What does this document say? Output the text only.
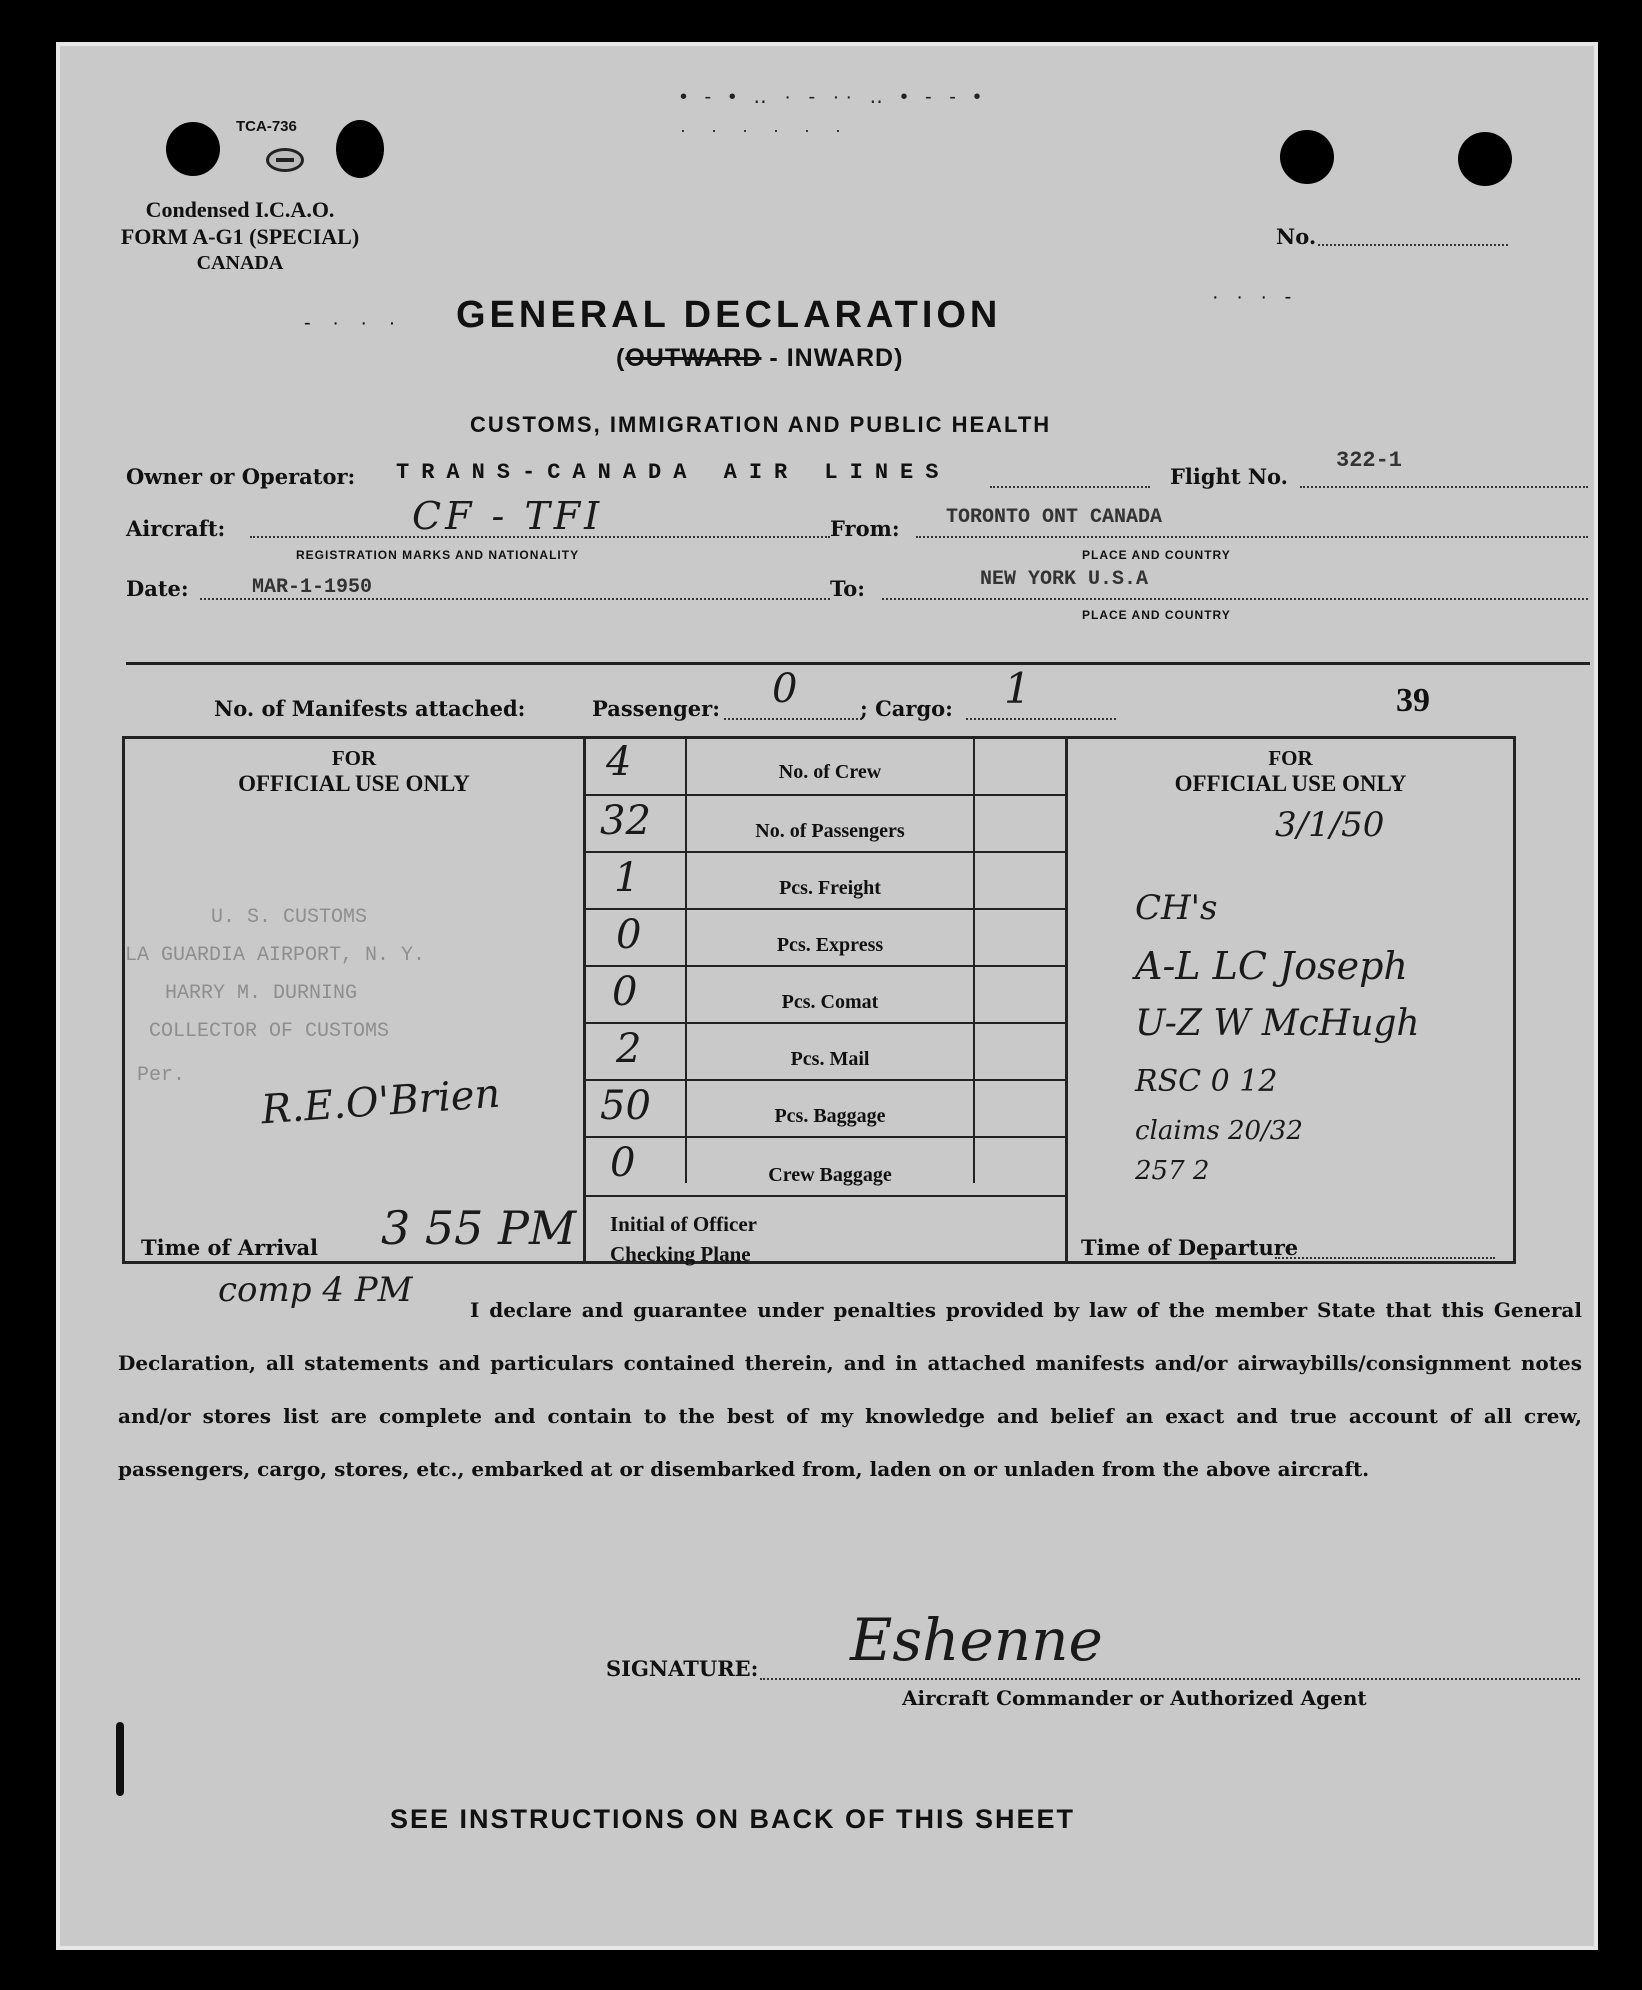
• ‑ • ‥ · ‑ ·· ‥ • ‑ ‑ •
· · · · · ·
TCA-736
Condensed I.C.A.O.
FORM A-G1 (SPECIAL)
CANADA
No.
- · · ·
· · · ‑
GENERAL DECLARATION
(OUTWARD - INWARD)
CUSTOMS, IMMIGRATION AND PUBLIC HEALTH
Owner or Operator: TRANS-CANADA AIR LINES	Flight No.
322-1
Aircraft:	CF - TFI
REGISTRATION MARKS AND NATIONALITY
From: TORONTO ONT CANADA
PLACE AND COUNTRY
Date:	MAR-1-1950	To:	NEW YORK U.S.A
PLACE AND COUNTRY
No. of Manifests attached:	Passenger: 0	; Cargo: 1	39
FOR
OFFICIAL USE ONLY
U. S. CUSTOMS
LA GUARDIA AIRPORT, N. Y.
HARRY M. DURNING
COLLECTOR OF CUSTOMS
Per.	R.E.O'Brien
Time of Arrival 3 55 PM
4	No. of Crew
32	No. of Passengers
1	Pcs. Freight
0	Pcs. Express
0	Pcs. Comat
2	Pcs. Mail
50	Pcs. Baggage
0	Crew Baggage
Initial of Officer
Checking Plane
FOR
OFFICIAL USE ONLY
3/1/50
CH's
A-L LC Joseph
U-Z W McHugh
RSC 0 12
claims 20/32
257 2
Time of Departure
comp 4 PM	I declare and guarantee under penalties provided by law of the member State that this General Declaration, all statements and particulars contained therein, and in attached manifests and/or airwaybills/consignment notes and/or stores list are complete and contain to the best of my knowledge and belief an exact and true account of all crew, passengers, cargo, stores, etc., embarked at or disembarked from, laden on or unladen from the above aircraft.
SIGNATURE: Eshenne
Aircraft Commander or Authorized Agent
SEE INSTRUCTIONS ON BACK OF THIS SHEET
